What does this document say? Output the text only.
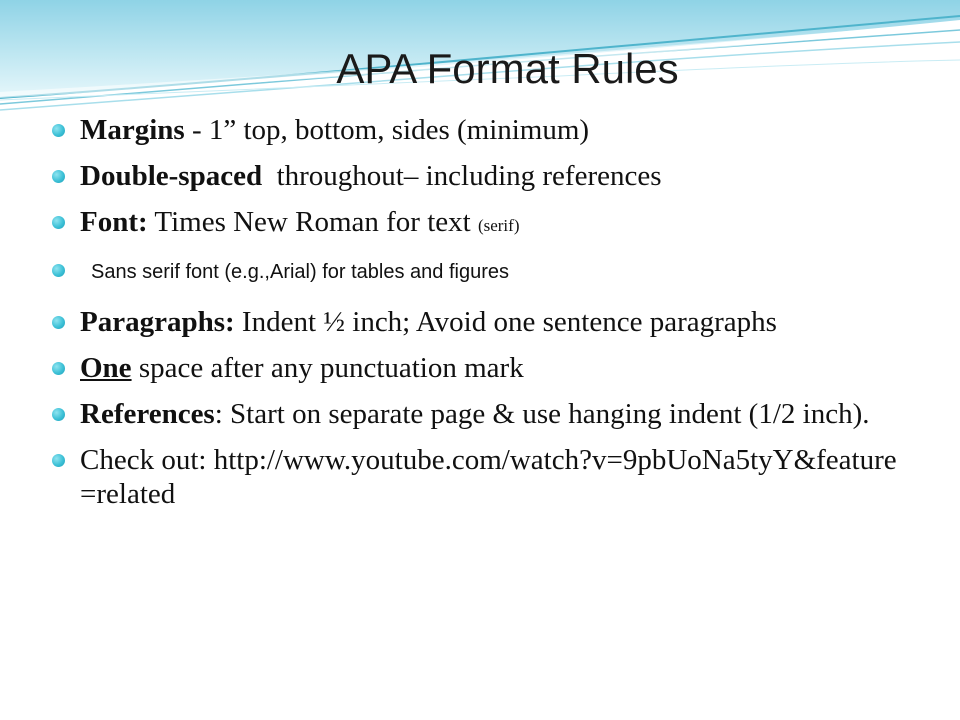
APA Format Rules
Margins - 1” top, bottom, sides (minimum)
Double-spaced  throughout– including references
Font: Times New Roman for text (serif)
Sans serif font (e.g.,Arial) for tables and figures
Paragraphs: Indent ½ inch; Avoid one sentence paragraphs
One space after any punctuation mark
References: Start on separate page & use hanging indent (1/2 inch).
Check out: http://www.youtube.com/watch?v=9pbUoNa5tyY&feature=related
